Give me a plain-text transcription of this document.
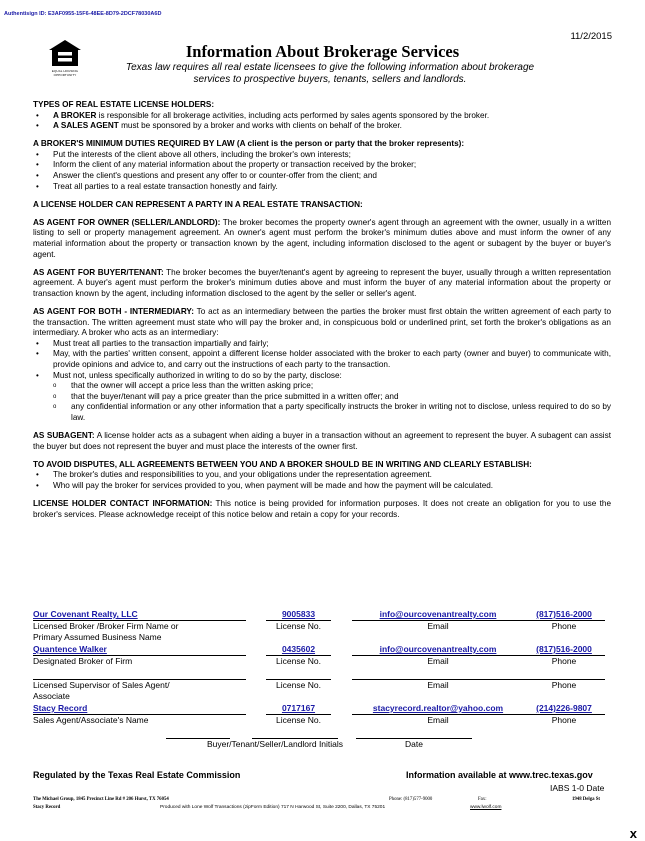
Authentisign ID: E3AF0955-15F6-48EE-8D79-2DCF78030A6D
11/2/2015
EQUAL HOUSING
OPPORTUNITY
Information About Brokerage Services
Texas law requires all real estate licensees to give the following information about brokerage services to prospective buyers, tenants, sellers and landlords.

TYPES OF REAL ESTATE LICENSE HOLDERS:

• A BROKER is responsible for all brokerage activities, including acts performed by sales agents sponsored by the broker.
• A SALES AGENT must be sponsored by a broker and works with clients on behalf of the broker.

A BROKER'S MINIMUM DUTIES REQUIRED BY LAW (A client is the person or party that the broker represents):

• Put the interests of the client above all others, including the broker's own interests;
• Inform the client of any material information about the property or transaction received by the broker;
• Answer the client's questions and present any offer to or counter-offer from the client; and
• Treat all parties to a real estate transaction honestly and fairly.

A LICENSE HOLDER CAN REPRESENT A PARTY IN A REAL ESTATE TRANSACTION:

AS AGENT FOR OWNER (SELLER/LANDLORD): The broker becomes the property owner's agent through an agreement with the owner, usually in a written listing to sell or property management agreement. An owner's agent must perform the broker's minimum duties above and must inform the owner of any material information about the property or transaction known by the agent, including information disclosed to the agent or subagent by the buyer or buyer's agent.

AS AGENT FOR BUYER/TENANT: The broker becomes the buyer/tenant's agent by agreeing to represent the buyer, usually through a written representation agreement. A buyer's agent must perform the broker's minimum duties above and must inform the buyer of any material information about the property or transaction known by the agent, including information disclosed to the agent by the seller or seller's agent.

AS AGENT FOR BOTH - INTERMEDIARY: To act as an intermediary between the parties the broker must first obtain the written agreement of each party to the transaction. The written agreement must state who will pay the broker and, in conspicuous bold or underlined print, set forth the broker's obligations as an intermediary. A broker who acts as an intermediary:

• Must treat all parties to the transaction impartially and fairly;
• May, with the parties' written consent, appoint a different license holder associated with the broker to each party (owner and buyer) to communicate with, provide opinions and advice to, and carry out the instructions of each party to the transaction.
• Must not, unless specifically authorized in writing to do so by the party, disclose:
o that the owner will accept a price less than the written asking price;
o that the buyer/tenant will pay a price greater than the price submitted in a written offer; and
o any confidential information or any other information that a party specifically instructs the broker in writing not to disclose, unless required to do so by law.

AS SUBAGENT: A license holder acts as a subagent when aiding a buyer in a transaction without an agreement to represent the buyer. A subagent can assist the buyer but does not represent the buyer and must place the interests of the owner first.

TO AVOID DISPUTES, ALL AGREEMENTS BETWEEN YOU AND A BROKER SHOULD BE IN WRITING AND CLEARLY ESTABLISH:

• The broker's duties and responsibilities to you, and your obligations under the representation agreement.
• Who will pay the broker for services provided to you, when payment will be made and how the payment will be calculated.

LICENSE HOLDER CONTACT INFORMATION: This notice is being provided for information purposes. It does not create an obligation for you to use the broker's services. Please acknowledge receipt of this notice below and retain a copy for your records.

Our Covenant Realty, LLC	9005833	info@ourcovenantrealty.com	(817)516-2000
Licensed Broker /Broker Firm Name or
Primary Assumed Business Name
License No.	Email	Phone
Quantence Walker	0435602	info@ourcovenantrealty.com	(817)516-2000
Designated Broker of Firm	License No.	Email	Phone
Licensed Supervisor of Sales Agent/
Associate
License No.	Email	Phone
Stacy Record	0717167	stacyrecord.realtor@yahoo.com	(214)226-9807
Sales Agent/Associate's Name	License No.	Email	Phone
Buyer/Tenant/Seller/Landlord Initials	Date
Regulated by the Texas Real Estate Commission	Information available at www.trec.texas.gov
IABS 1-0 Date
The Michael Group, 1845 Precinct Line Rd # 206 Hurst, TX 76054	Phone: (817)577-9000	Fax:	1948 Delga St
Stacy Record	Produced with Lone Wolf Transactions (zipForm Edition) 717 N Harwood St, Suite 2200, Dallas, TX 75201	www.lwolf.com
x
